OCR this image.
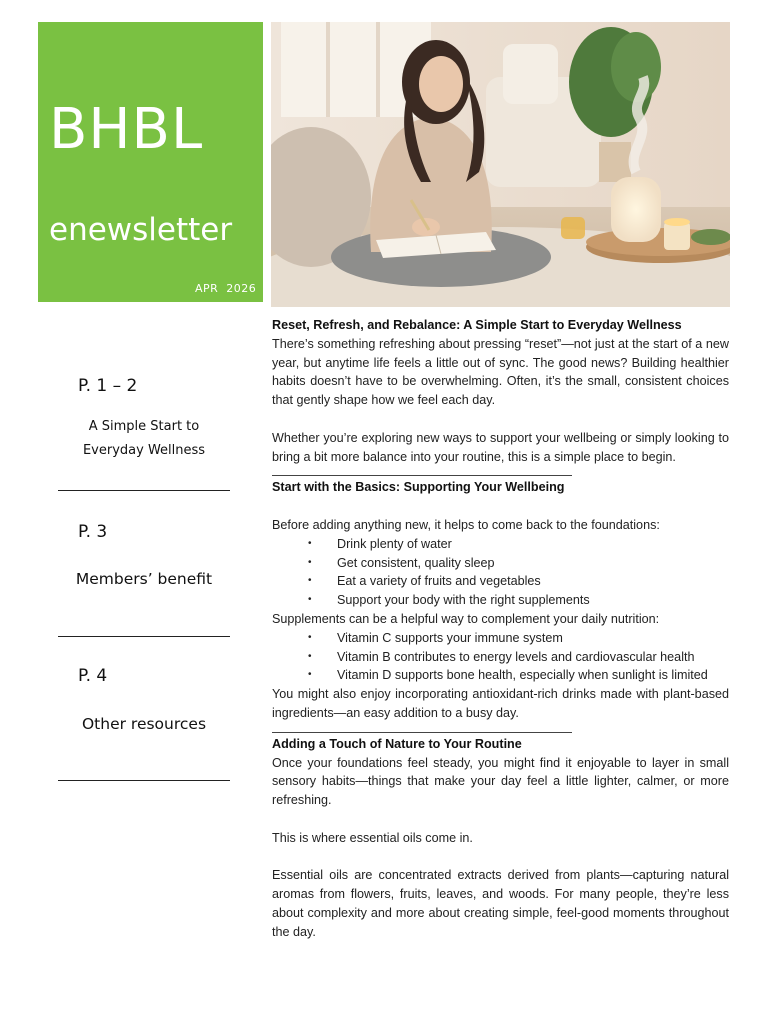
BHBL
enewsletter
APR  2026
P. 1 – 2
A Simple Start to
Everyday Wellness
P. 3
Members’ benefit
P. 4
Other resources
Reset, Refresh, and Rebalance: A Simple Start to Everyday Wellness

There’s something refreshing about pressing “reset”—not just at the start of a new year, but anytime life feels a little out of sync. The good news? Building healthier habits doesn’t have to be overwhelming. Often, it’s the small, consistent choices that gently shape how we feel each day.

Whether you’re exploring new ways to support your wellbeing or simply looking to bring a bit more balance into your routine, this is a simple place to begin.

Start with the Basics: Supporting Your Wellbeing

Before adding anything new, it helps to come back to the foundations:

• Drink plenty of water
• Get consistent, quality sleep
• Eat a variety of fruits and vegetables
• Support your body with the right supplements

Supplements can be a helpful way to complement your daily nutrition:

• Vitamin C supports your immune system
• Vitamin B contributes to energy levels and cardiovascular health
• Vitamin D supports bone health, especially when sunlight is limited

You might also enjoy incorporating antioxidant-rich drinks made with plant-based ingredients—an easy addition to a busy day.

Adding a Touch of Nature to Your Routine

Once your foundations feel steady, you might find it enjoyable to layer in small sensory habits—things that make your day feel a little lighter, calmer, or more refreshing.

This is where essential oils come in.

Essential oils are concentrated extracts derived from plants—capturing natural aromas from flowers, fruits, leaves, and woods. For many people, they’re less about complexity and more about creating simple, feel-good moments throughout the day.
